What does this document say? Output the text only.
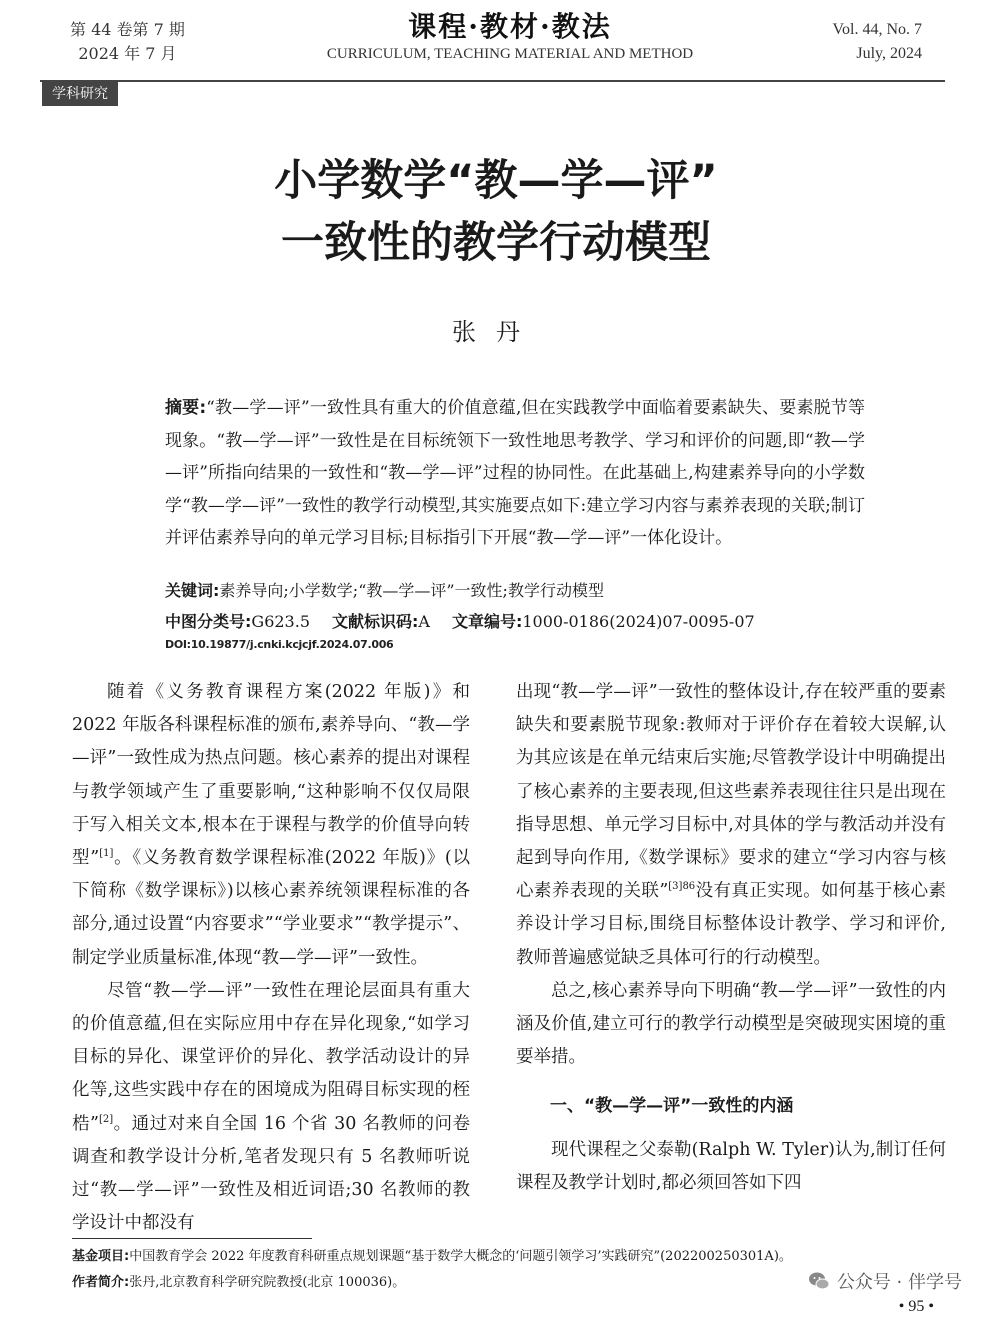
第 44 卷第 7 期
2024 年 7 月
课程·教材·教法
CURRICULUM, TEACHING MATERIAL AND METHOD
Vol. 44, No. 7
July, 2024
学科研究
小学数学“教—学—评”
一致性的教学行动模型
张丹
摘要:“教—学—评”一致性具有重大的价值意蕴,但在实践教学中面临着要素缺失、要素脱节等现象。“教—学—评”一致性是在目标统领下一致性地思考教学、学习和评价的问题,即“教—学—评”所指向结果的一致性和“教—学—评”过程的协同性。在此基础上,构建素养导向的小学数学“教—学—评”一致性的教学行动模型,其实施要点如下:建立学习内容与素养表现的关联;制订并评估素养导向的单元学习目标;目标指引下开展“教—学—评”一体化设计。
关键词:素养导向;小学数学;“教—学—评”一致性;教学行动模型
中图分类号:G623.5 文献标识码:A 文章编号:1000-0186(2024)07-0095-07
DOI:10.19877/j.cnki.kcjcjf.2024.07.006

随着《义务教育课程方案(2022 年版)》和 2022 年版各科课程标准的颁布,素养导向、“教—学—评”一致性成为热点问题。核心素养的提出对课程与教学领域产生了重要影响,“这种影响不仅仅局限于写入相关文本,根本在于课程与教学的价值导向转型”[1]。《义务教育数学课程标准(2022 年版)》(以下简称《数学课标》)以核心素养统领课程标准的各部分,通过设置“内容要求”“学业要求”“教学提示”、制定学业质量标准,体现“教—学—评”一致性。

尽管“教—学—评”一致性在理论层面具有重大的价值意蕴,但在实际应用中存在异化现象,“如学习目标的异化、课堂评价的异化、教学活动设计的异化等,这些实践中存在的困境成为阻碍目标实现的桎梏”[2]。通过对来自全国 16 个省 30 名教师的问卷调查和教学设计分析,笔者发现只有 5 名教师听说过“教—学—评”一致性及相近词语;30 名教师的教学设计中都没有

出现“教—学—评”一致性的整体设计,存在较严重的要素缺失和要素脱节现象:教师对于评价存在着较大误解,认为其应该是在单元结束后实施;尽管教学设计中明确提出了核心素养的主要表现,但这些素养表现往往只是出现在指导思想、单元学习目标中,对具体的学与教活动并没有起到导向作用,《数学课标》要求的建立“学习内容与核心素养表现的关联”$^{[3]86}$没有真正实现。如何基于核心素养设计学习目标,围绕目标整体设计教学、学习和评价,教师普遍感觉缺乏具体可行的行动模型。

总之,核心素养导向下明确“教—学—评”一致性的内涵及价值,建立可行的教学行动模型是突破现实困境的重要举措。

一、“教—学—评”一致性的内涵

现代课程之父泰勒(Ralph W. Tyler)认为,制订任何课程及教学计划时,都必须回答如下四

基金项目:中国教育学会 2022 年度教育科研重点规划课题“基于数学大概念的‘问题引领学习’实践研究”(202200250301A)。
作者简介:张丹,北京教育科学研究院教授(北京 100036)。	公众号 · 伴学号
• 95 •
